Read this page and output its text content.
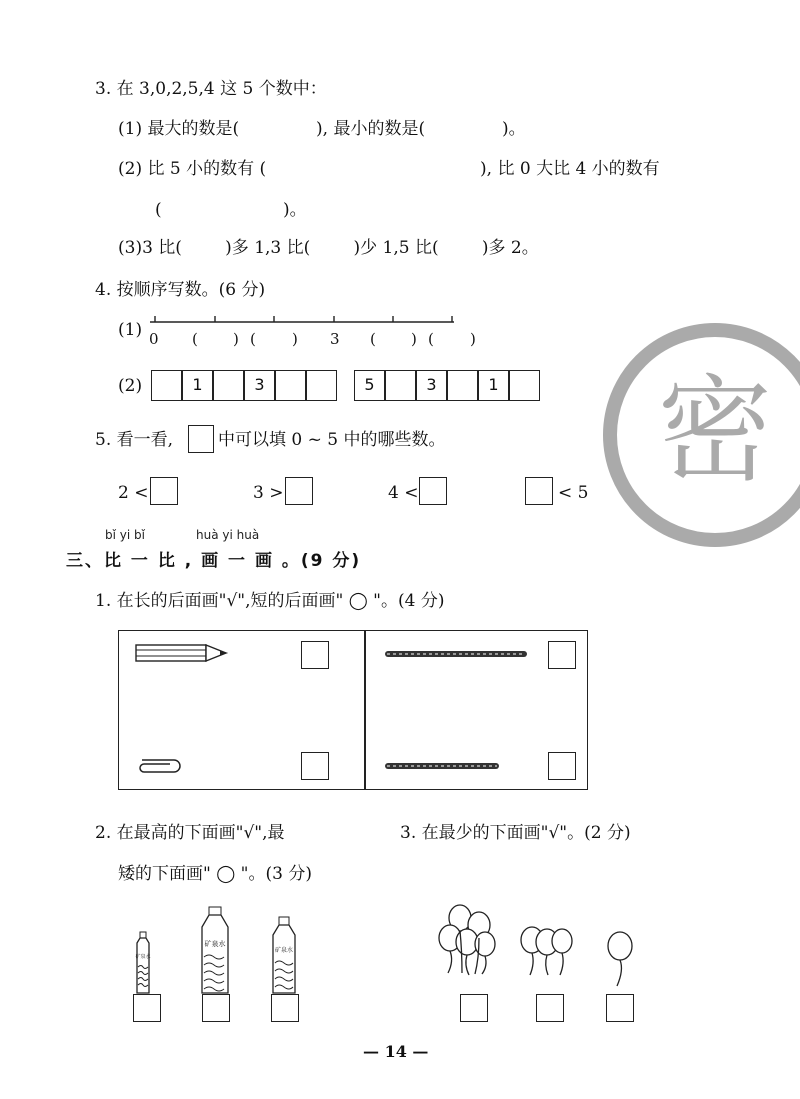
3. 在 3,0,2,5,4 这 5 个数中：
(1) 最大的数是(	), 最小的数是(	)。
(2) 比 5 小的数有 (	), 比 0 大比 4 小的数有
(	)。
(3)3 比(        )多 1,3 比(        )少 1,5 比(        )多 2。
4. 按顺序写数。(6 分)
(1) 0 ( ) ( ) 3 ( ) ( )
(2)	1	3	5	3	1
5. 看一看,	中可以填 0 ~ 5 中的哪些数。
2 <	3 >	4 <	< 5 密
bǐ yi bǐ	huà yi huà
三、比 一 比 , 画 一 画 。(9 分)
1. 在长的后面画"√",短的后面画" ◯ "。(4 分)
2. 在最高的下面画"√",最
矮的下面画" ◯ "。(3 分)
3. 在最少的下面画"√"。(2 分)
矿泉水
矿泉水
矿泉水
— 14 —
